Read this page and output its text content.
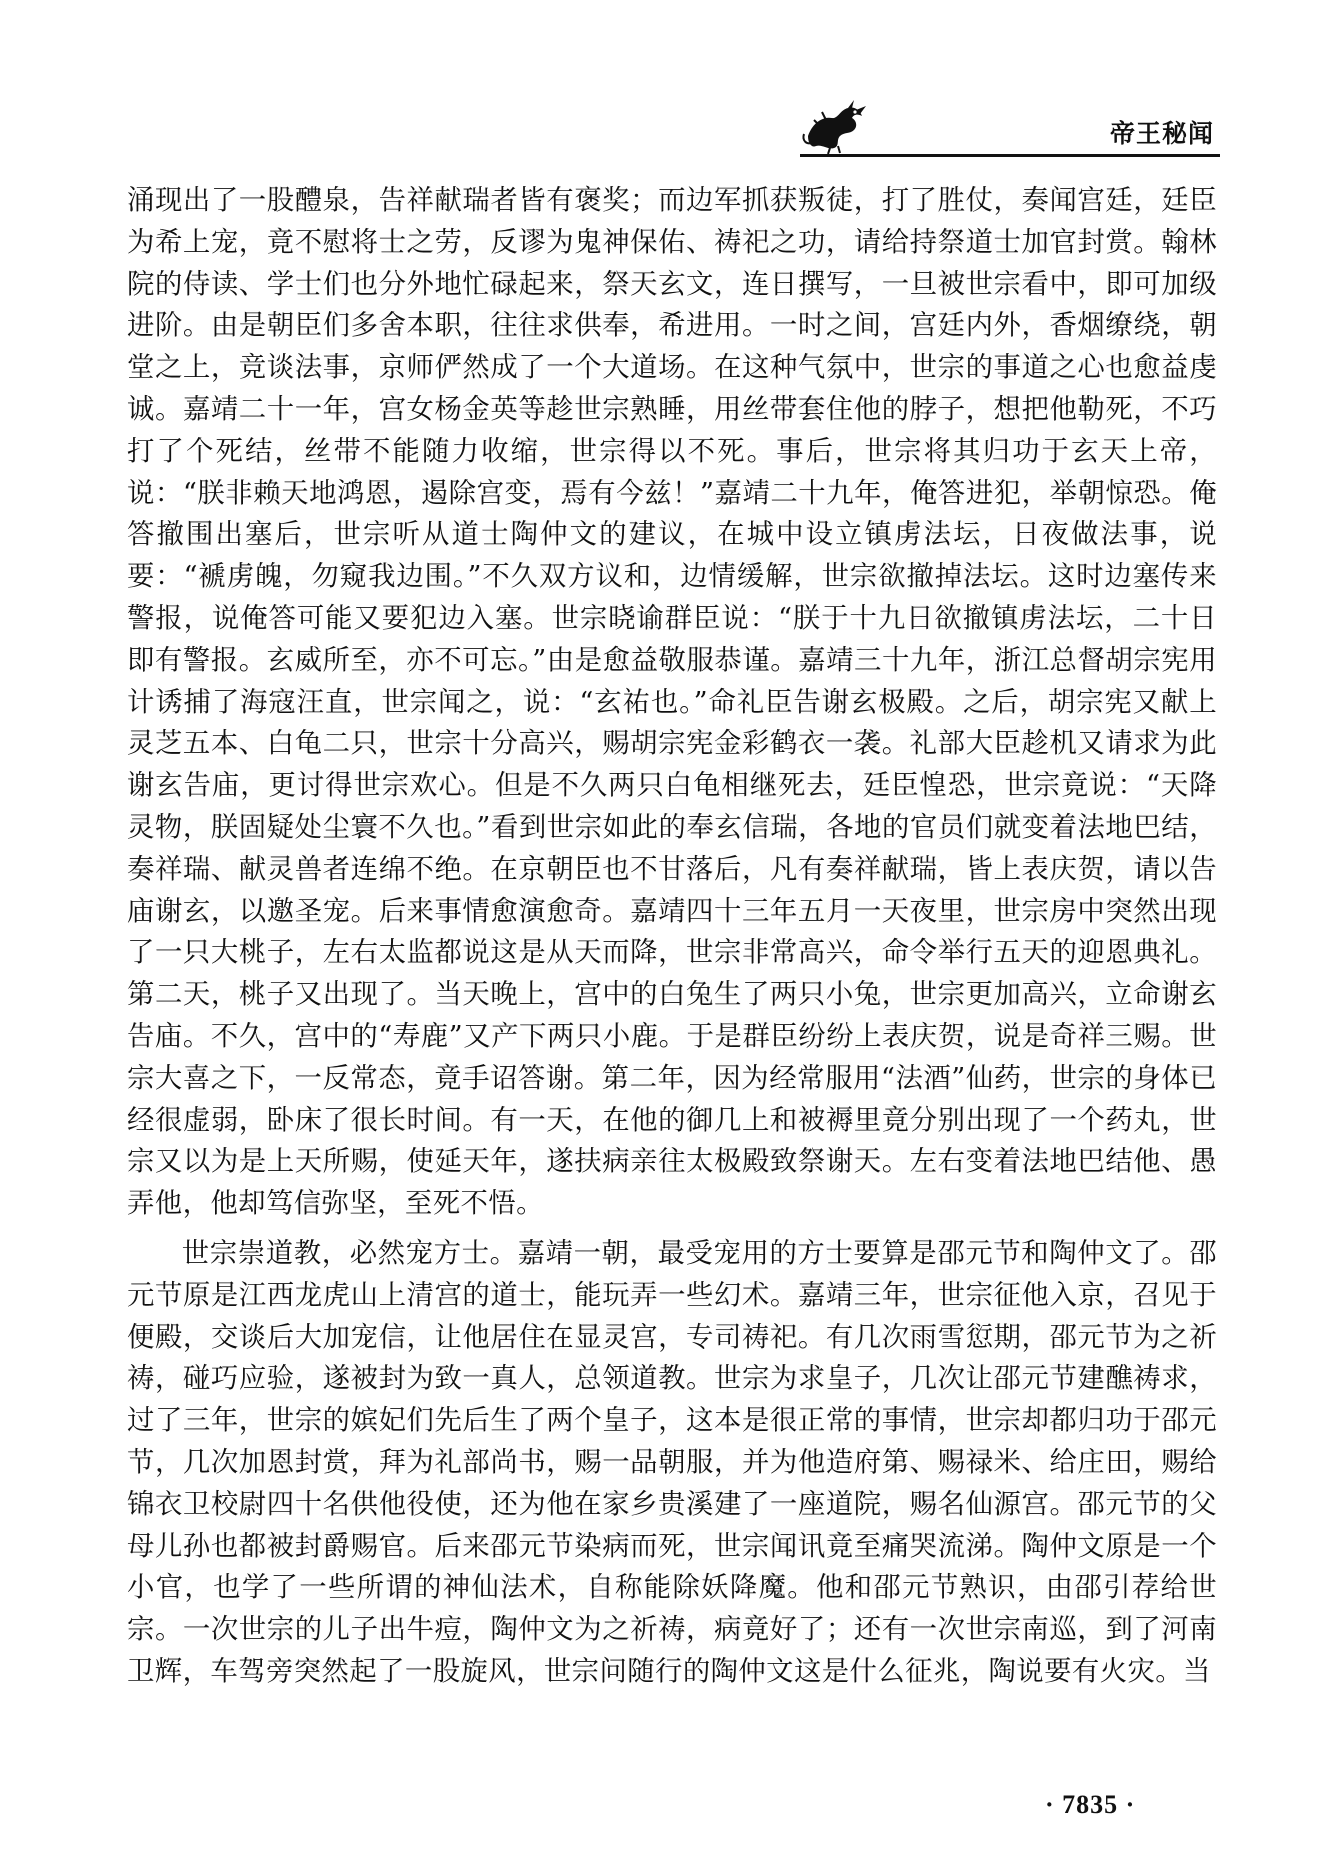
帝王秘闻

涌现出了一股醴泉，告祥献瑞者皆有褒奖；而边军抓获叛徒，打了胜仗，奏闻宫廷，廷臣为希上宠，竟不慰将士之劳，反谬为鬼神保佑、祷祀之功，请给持祭道士加官封赏。翰林院的侍读、学士们也分外地忙碌起来，祭天玄文，连日撰写，一旦被世宗看中，即可加级进阶。由是朝臣们多舍本职，往往求供奉，希进用。一时之间，宫廷内外，香烟缭绕，朝堂之上，竞谈法事，京师俨然成了一个大道场。在这种气氛中，世宗的事道之心也愈益虔诚。嘉靖二十一年，宫女杨金英等趁世宗熟睡，用丝带套住他的脖子，想把他勒死，不巧打了个死结，丝带不能随力收缩，世宗得以不死。事后，世宗将其归功于玄天上帝，说：“朕非赖天地鸿恩，遏除宫变，焉有今兹！”嘉靖二十九年，俺答进犯，举朝惊恐。俺答撤围出塞后，世宗听从道士陶仲文的建议，在城中设立镇虏法坛，日夜做法事，说要：“褫虏魄，勿窥我边围。”不久双方议和，边情缓解，世宗欲撤掉法坛。这时边塞传来警报，说俺答可能又要犯边入塞。世宗晓谕群臣说：“朕于十九日欲撤镇虏法坛，二十日即有警报。玄威所至，亦不可忘。”由是愈益敬服恭谨。嘉靖三十九年，浙江总督胡宗宪用计诱捕了海寇汪直，世宗闻之，说：“玄祐也。”命礼臣告谢玄极殿。之后，胡宗宪又献上灵芝五本、白龟二只，世宗十分高兴，赐胡宗宪金彩鹤衣一袭。礼部大臣趁机又请求为此谢玄告庙，更讨得世宗欢心。但是不久两只白龟相继死去，廷臣惶恐，世宗竟说：“天降灵物，朕固疑处尘寰不久也。”看到世宗如此的奉玄信瑞，各地的官员们就变着法地巴结，奏祥瑞、献灵兽者连绵不绝。在京朝臣也不甘落后，凡有奏祥献瑞，皆上表庆贺，请以告庙谢玄，以邀圣宠。后来事情愈演愈奇。嘉靖四十三年五月一天夜里，世宗房中突然出现了一只大桃子，左右太监都说这是从天而降，世宗非常高兴，命令举行五天的迎恩典礼。第二天，桃子又出现了。当天晚上，宫中的白兔生了两只小兔，世宗更加高兴，立命谢玄告庙。不久，宫中的“寿鹿”又产下两只小鹿。于是群臣纷纷上表庆贺，说是奇祥三赐。世宗大喜之下，一反常态，竟手诏答谢。第二年，因为经常服用“法酒”仙药，世宗的身体已经很虚弱，卧床了很长时间。有一天，在他的御几上和被褥里竟分别出现了一个药丸，世宗又以为是上天所赐，使延天年，遂扶病亲往太极殿致祭谢天。左右变着法地巴结他、愚弄他，他却笃信弥坚，至死不悟。

世宗崇道教，必然宠方士。嘉靖一朝，最受宠用的方士要算是邵元节和陶仲文了。邵元节原是江西龙虎山上清宫的道士，能玩弄一些幻术。嘉靖三年，世宗征他入京，召见于便殿，交谈后大加宠信，让他居住在显灵宫，专司祷祀。有几次雨雪愆期，邵元节为之祈祷，碰巧应验，遂被封为致一真人，总领道教。世宗为求皇子，几次让邵元节建醮祷求，过了三年，世宗的嫔妃们先后生了两个皇子，这本是很正常的事情，世宗却都归功于邵元节，几次加恩封赏，拜为礼部尚书，赐一品朝服，并为他造府第、赐禄米、给庄田，赐给锦衣卫校尉四十名供他役使，还为他在家乡贵溪建了一座道院，赐名仙源宫。邵元节的父母儿孙也都被封爵赐官。后来邵元节染病而死，世宗闻讯竟至痛哭流涕。陶仲文原是一个小官，也学了一些所谓的神仙法术，自称能除妖降魔。他和邵元节熟识，由邵引荐给世宗。一次世宗的儿子出牛痘，陶仲文为之祈祷，病竟好了；还有一次世宗南巡，到了河南卫辉，车驾旁突然起了一股旋风，世宗问随行的陶仲文这是什么征兆，陶说要有火灾。当

· 7835 ·
